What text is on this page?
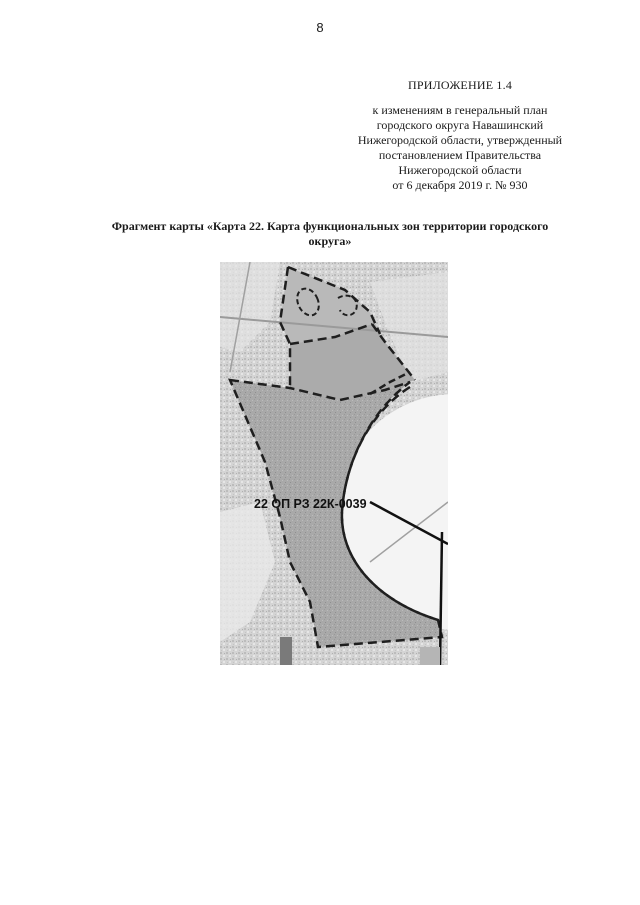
8
ПРИЛОЖЕНИЕ 1.4
к изменениям в генеральный план
городского округа Навашинский
Нижегородской области, утвержденный
постановлением Правительства
Нижегородской области
от 6 декабря 2019 г. № 930
Фрагмент карты «Карта 22. Карта функциональных зон территории городского
округа»
22 ОП РЗ 22К-0039
